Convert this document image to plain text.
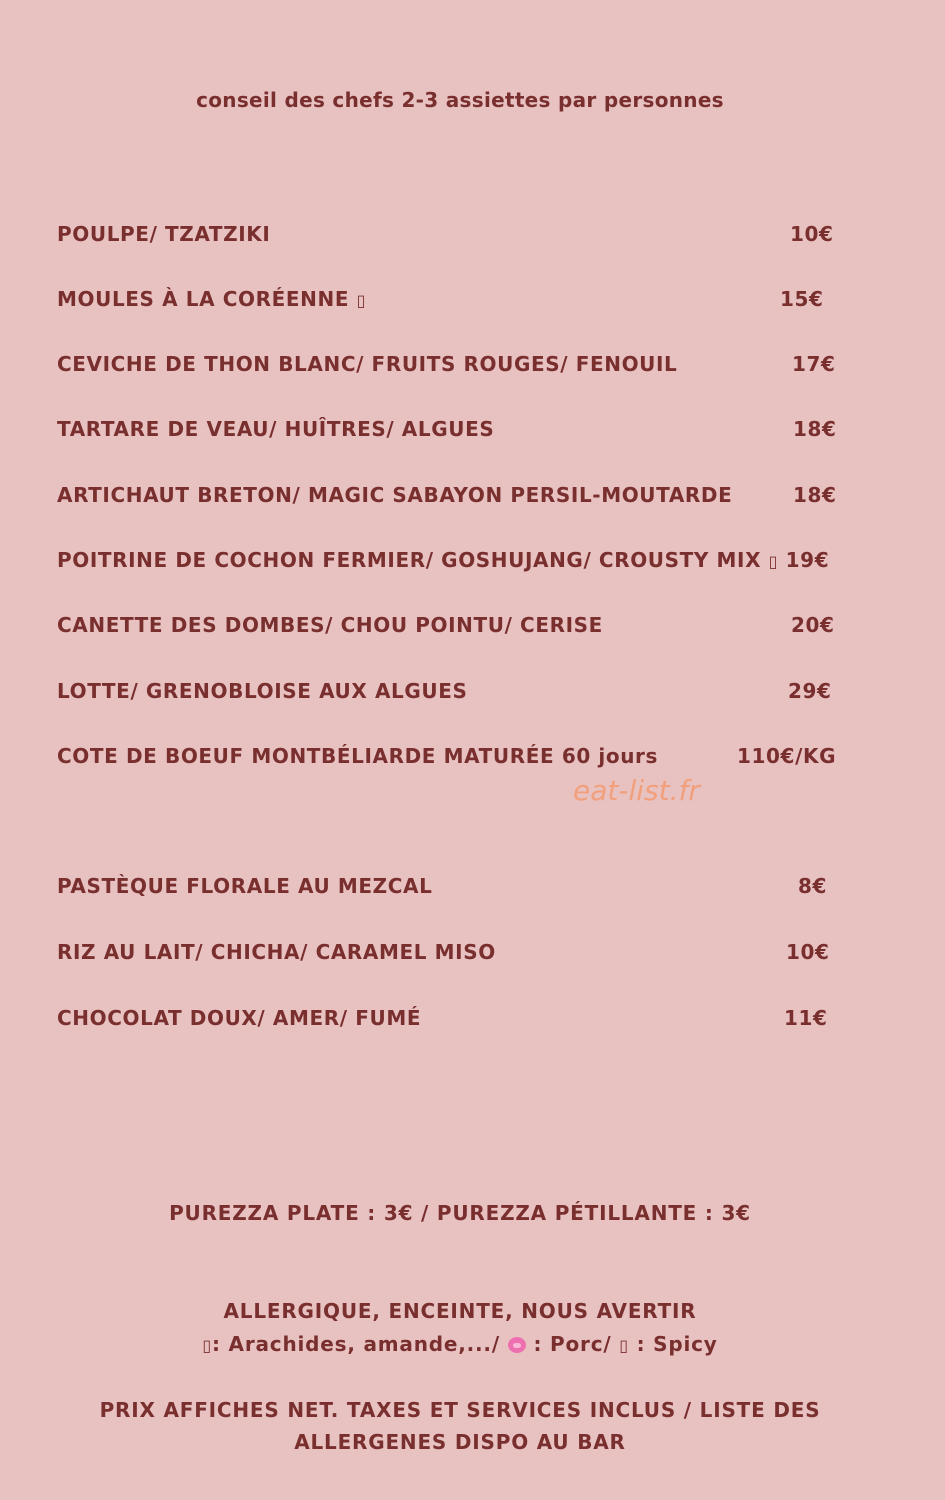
conseil des chefs 2-3 assiettes par personnes
POULPE/ TZATZIKI	10€
MOULES À LA CORÉENNE ▯	15€
CEVICHE DE THON BLANC/ FRUITS ROUGES/ FENOUIL	17€
TARTARE DE VEAU/ HUÎTRES/ ALGUES	18€
ARTICHAUT BRETON/ MAGIC SABAYON PERSIL-MOUTARDE	18€
POITRINE DE COCHON FERMIER/ GOSHUJANG/ CROUSTY MIX ▯ 19€
CANETTE DES DOMBES/ CHOU POINTU/ CERISE	20€
LOTTE/ GRENOBLOISE AUX ALGUES	29€
COTE DE BOEUF MONTBÉLIARDE MATURÉE 60 jours	110€/KG
eat-list.fr
PASTÈQUE FLORALE AU MEZCAL	8€
RIZ AU LAIT/ CHICHA/ CARAMEL MISO	10€
CHOCOLAT DOUX/ AMER/ FUMÉ	11€
PUREZZA PLATE : 3€ / PUREZZA PÉTILLANTE : 3€
ALLERGIQUE, ENCEINTE, NOUS AVERTIR
▯: Arachides, amande,.../ : Porc/ ▯ : Spicy
PRIX AFFICHES NET. TAXES ET SERVICES INCLUS / LISTE DES
ALLERGENES DISPO AU BAR
